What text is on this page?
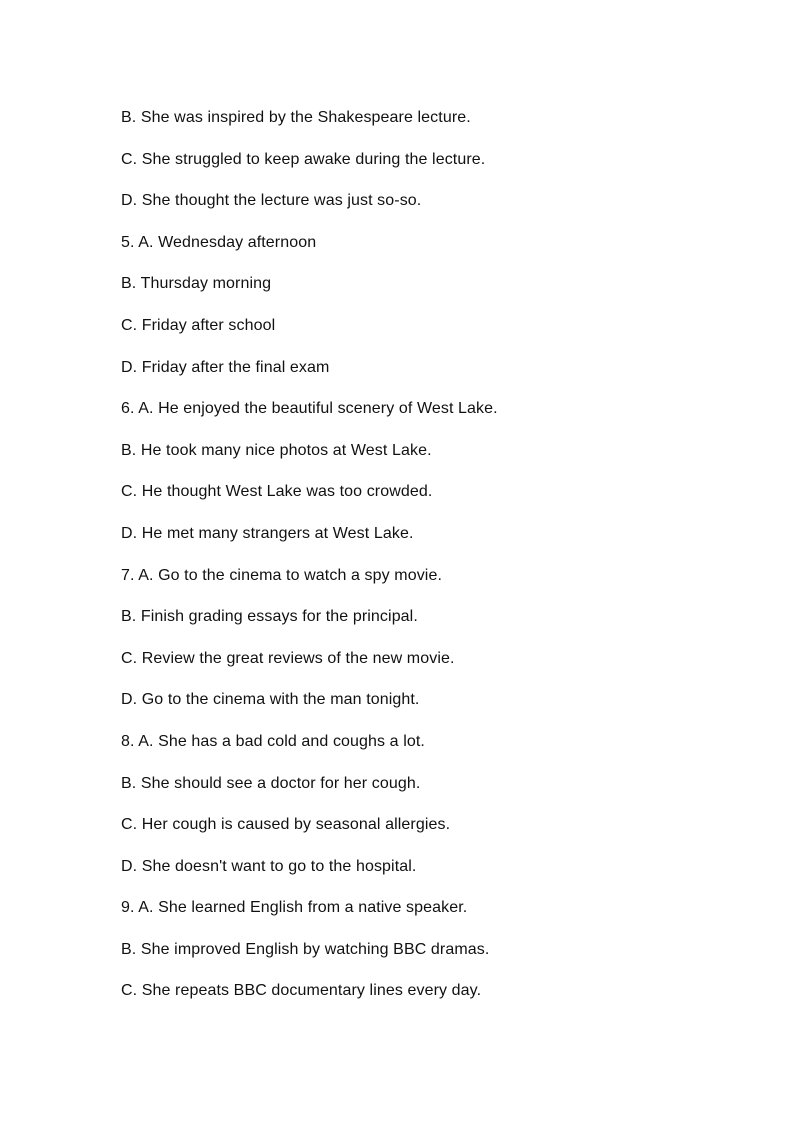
B. She was inspired by the Shakespeare lecture.
C. She struggled to keep awake during the lecture.
D. She thought the lecture was just so-so.
5. A. Wednesday afternoon
B. Thursday morning
C. Friday after school
D. Friday after the final exam
6. A. He enjoyed the beautiful scenery of West Lake.
B. He took many nice photos at West Lake.
C. He thought West Lake was too crowded.
D. He met many strangers at West Lake.
7. A. Go to the cinema to watch a spy movie.
B. Finish grading essays for the principal.
C. Review the great reviews of the new movie.
D. Go to the cinema with the man tonight.
8. A. She has a bad cold and coughs a lot.
B. She should see a doctor for her cough.
C. Her cough is caused by seasonal allergies.
D. She doesn't want to go to the hospital.
9. A. She learned English from a native speaker.
B. She improved English by watching BBC dramas.
C. She repeats BBC documentary lines every day.
